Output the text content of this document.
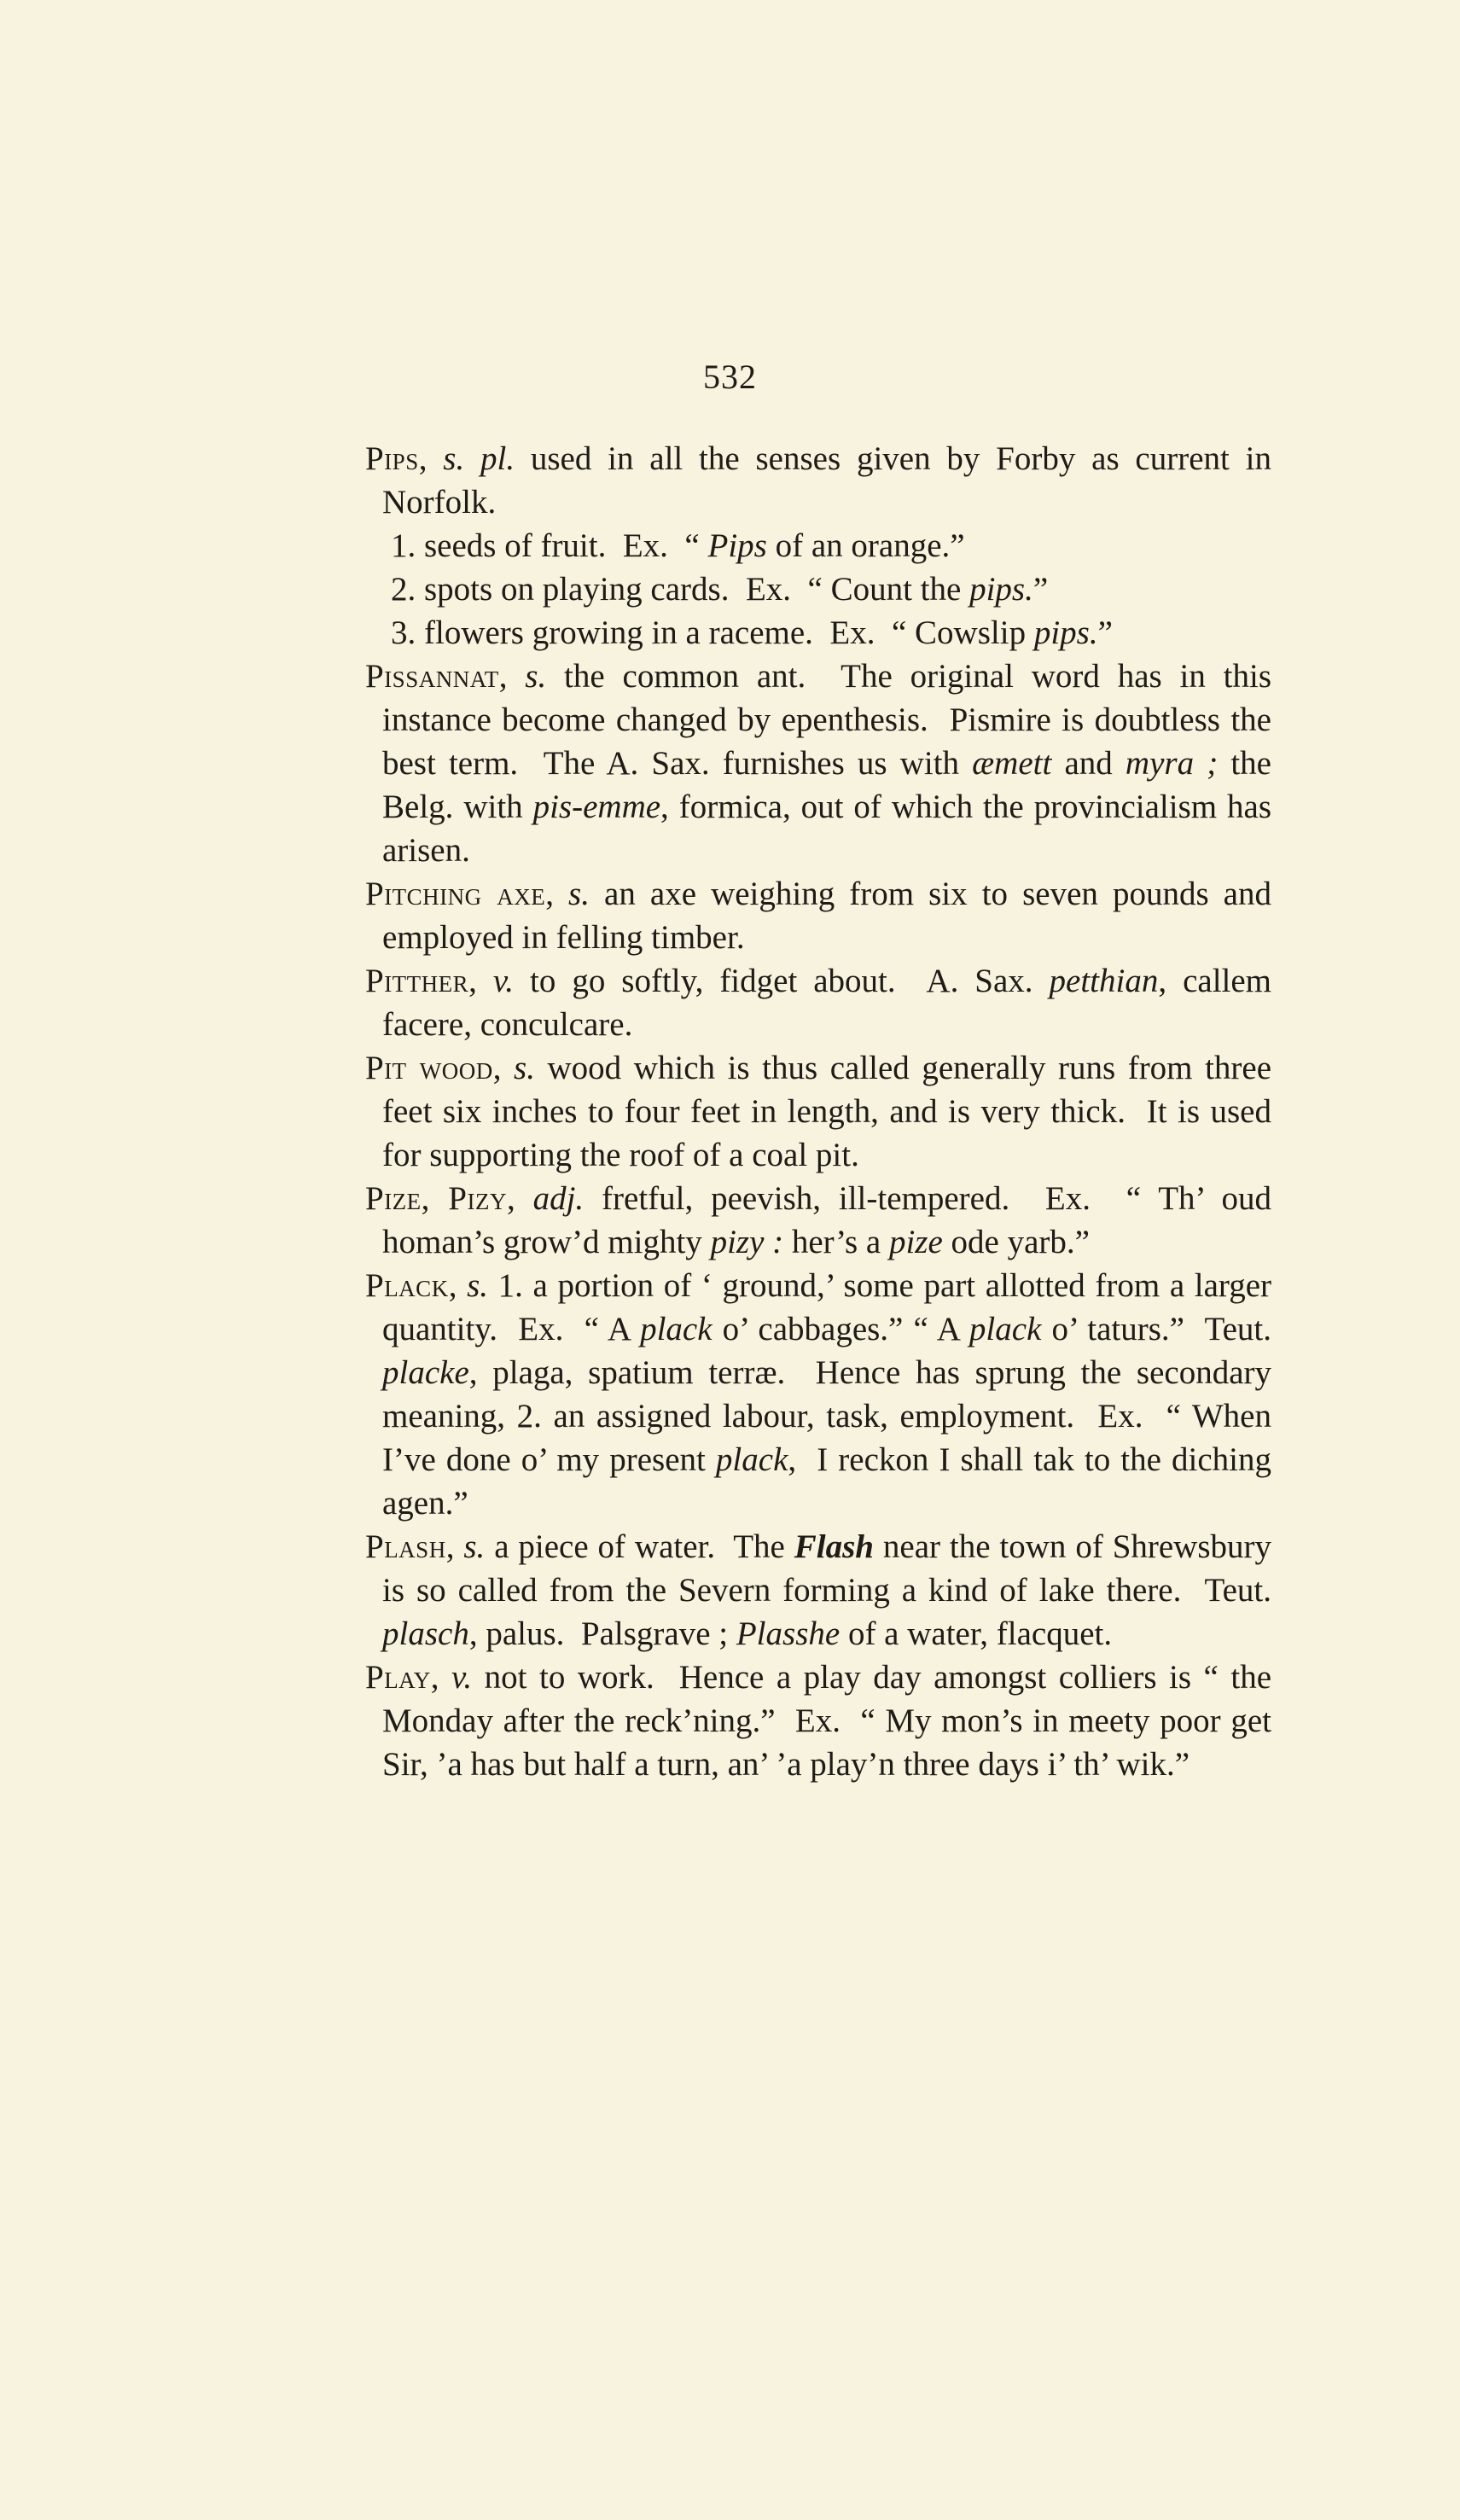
532

Pips, s. pl. used in all the senses given by Forby as current in Norfolk.

1. seeds of fruit.  Ex.  “ Pips of an orange.”

2. spots on playing cards.  Ex.  “ Count the pips.”

3. flowers growing in a raceme.  Ex.  “ Cowslip pips.”

Pissannat, s. the common ant.  The original word has in this instance become changed by epenthesis.  Pismire is doubtless the best term.  The A. Sax. furnishes us with æmett and myra ; the Belg. with pis-emme, formica, out of which the provincialism has arisen.

Pitching axe, s. an axe weighing from six to seven pounds and employed in felling timber.

Pitther, v. to go softly, fidget about.  A. Sax. petthian, callem facere, conculcare.

Pit wood, s. wood which is thus called generally runs from three feet six inches to four feet in length, and is very thick.  It is used for supporting the roof of a coal pit.

Pize, Pizy, adj. fretful, peevish, ill-tempered.  Ex.  “ Th’ oud homan’s grow’d mighty pizy : her’s a pize ode yarb.”

Plack, s. 1. a portion of ‘ ground,’ some part allotted from a larger quantity.  Ex.  “ A plack o’ cabbages.” “ A plack o’ taturs.”  Teut. placke, plaga, spatium terræ.  Hence has sprung the secondary meaning, 2. an assigned labour, task, employment.  Ex.  “ When I’ve done o’ my present plack,  I reckon I shall tak to the diching agen.”

Plash, s. a piece of water.  The Flash near the town of Shrewsbury is so called from the Severn forming a kind of lake there.  Teut. plasch, palus.  Palsgrave ; Plasshe of a water, flacquet.

Play, v. not to work.  Hence a play day amongst colliers is “ the Monday after the reck’ning.”  Ex.  “ My mon’s in meety poor get Sir, ’a has but half a turn, an’ ’a play’n three days i’ th’ wik.”
